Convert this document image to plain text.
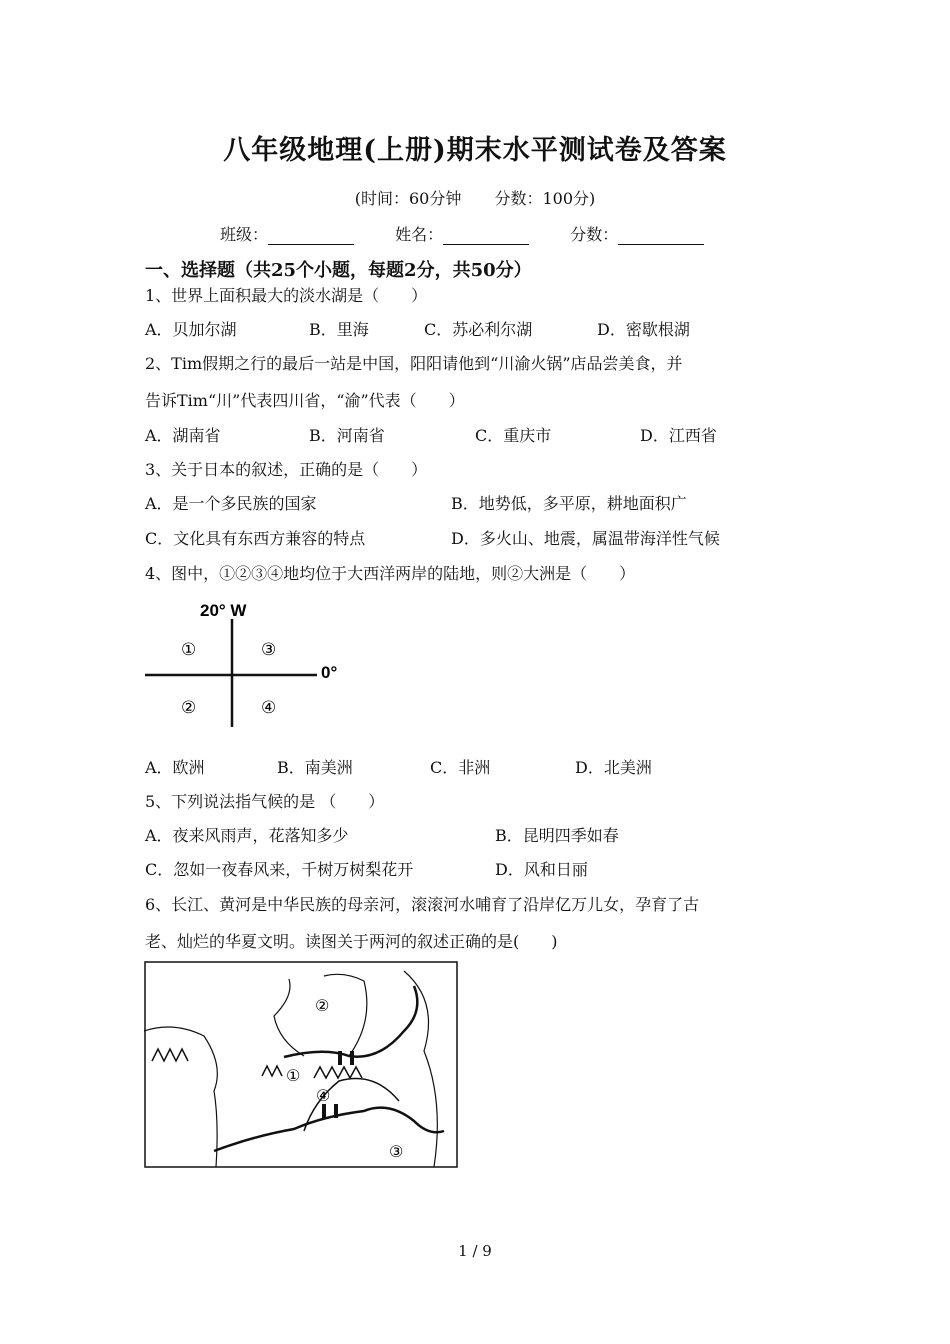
八年级地理(上册)期末水平测试卷及答案
(时间：60分钟 分数：100分)
班级：	姓名：	分数：
一、选择题（共25个小题，每题2分，共50分）
1、世界上面积最大的淡水湖是（　　）
A．贝加尔湖	B．里海	C．苏必利尔湖	D．密歇根湖
2、Tim假期之行的最后一站是中国，阳阳请他到“川渝火锅”店品尝美食，并
告诉Tim“川”代表四川省，“渝”代表（　　）
A．湖南省	B．河南省	C．重庆市	D．江西省
3、关于日本的叙述，正确的是（　　）
A．是一个多民族的国家	B．地势低，多平原，耕地面积广
C．文化具有东西方兼容的特点	D．多火山、地震，属温带海洋性气候
4、图中，①②③④地均位于大西洋两岸的陆地，则②大洲是（　　）
20° W
0°
①	③
②	④
A．欧洲	B．南美洲	C．非洲	D．北美洲
5、下列说法指气候的是 （　　）
A．夜来风雨声，花落知多少	B．昆明四季如春
C．忽如一夜春风来，千树万树梨花开	D．风和日丽
6、长江、黄河是中华民族的母亲河，滚滚河水哺育了沿岸亿万儿女，孕育了古
老、灿烂的华夏文明。读图关于两河的叙述正确的是(　　)
①
②
③
④
1 / 9
